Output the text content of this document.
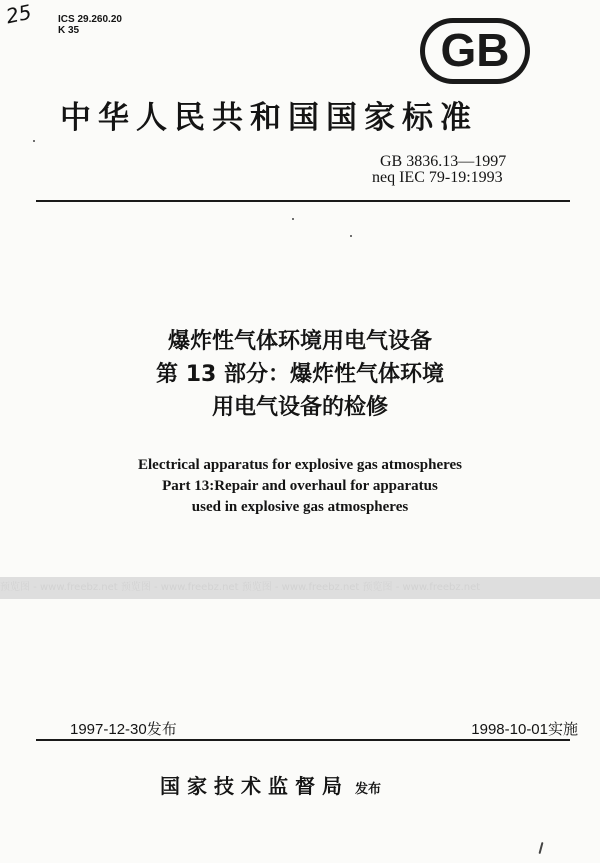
25 ICS 29.260.20
K 35	GB
中华人民共和国国家标准
GB 3836.13—1997
neq IEC 79-19:1993
爆炸性气体环境用电气设备
第 13 部分：爆炸性气体环境
用电气设备的检修
Electrical apparatus for explosive gas atmospheres
Part 13:Repair and overhaul for apparatus
used in explosive gas atmospheres
预览图 - www.freebz.net 预览图 - www.freebz.net 预览图 - www.freebz.net 预览图 - www.freebz.net
1997-12-30发布	1998-10-01实施
国家技术监督局 发布
